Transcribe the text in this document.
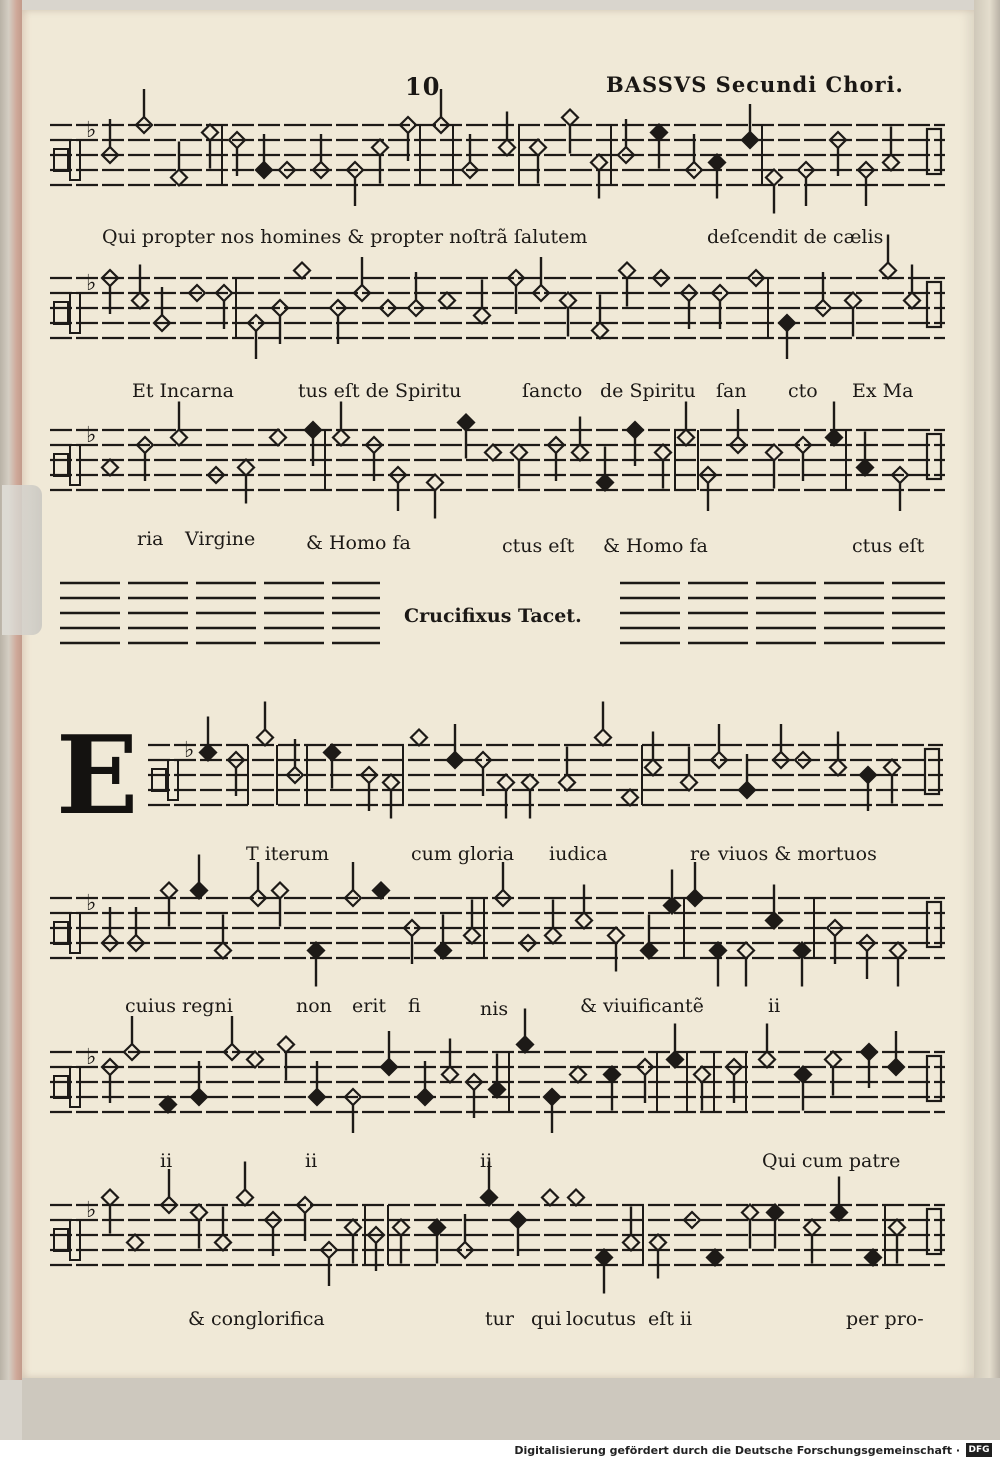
10	BASSVS Secundi Chori.
♭
Qui propter nos homines & propter noſtrã ſalutem	deſcendit de cælis
♭
Et Incarna	tus eſt de Spiritu	ſancto de Spiritu ſan cto Ex Ma
♭
ria Virgine	& Homo fa	ctus eſt & Homo fa	ctus eſt
Crucifixus Tacet.
E ♭
T iterum	cum gloria iudica	re viuos & mortuos
♭
cuius regni	non erit fi	nis	& viuificantẽ	ii
♭
ii	ii	ii	Qui cum patre
♭
& conglorifica	tur qui locutus eſt ii	per pro-
Digitalisierung gefördert durch die Deutsche Forschungsgemeinschaft · DFG
